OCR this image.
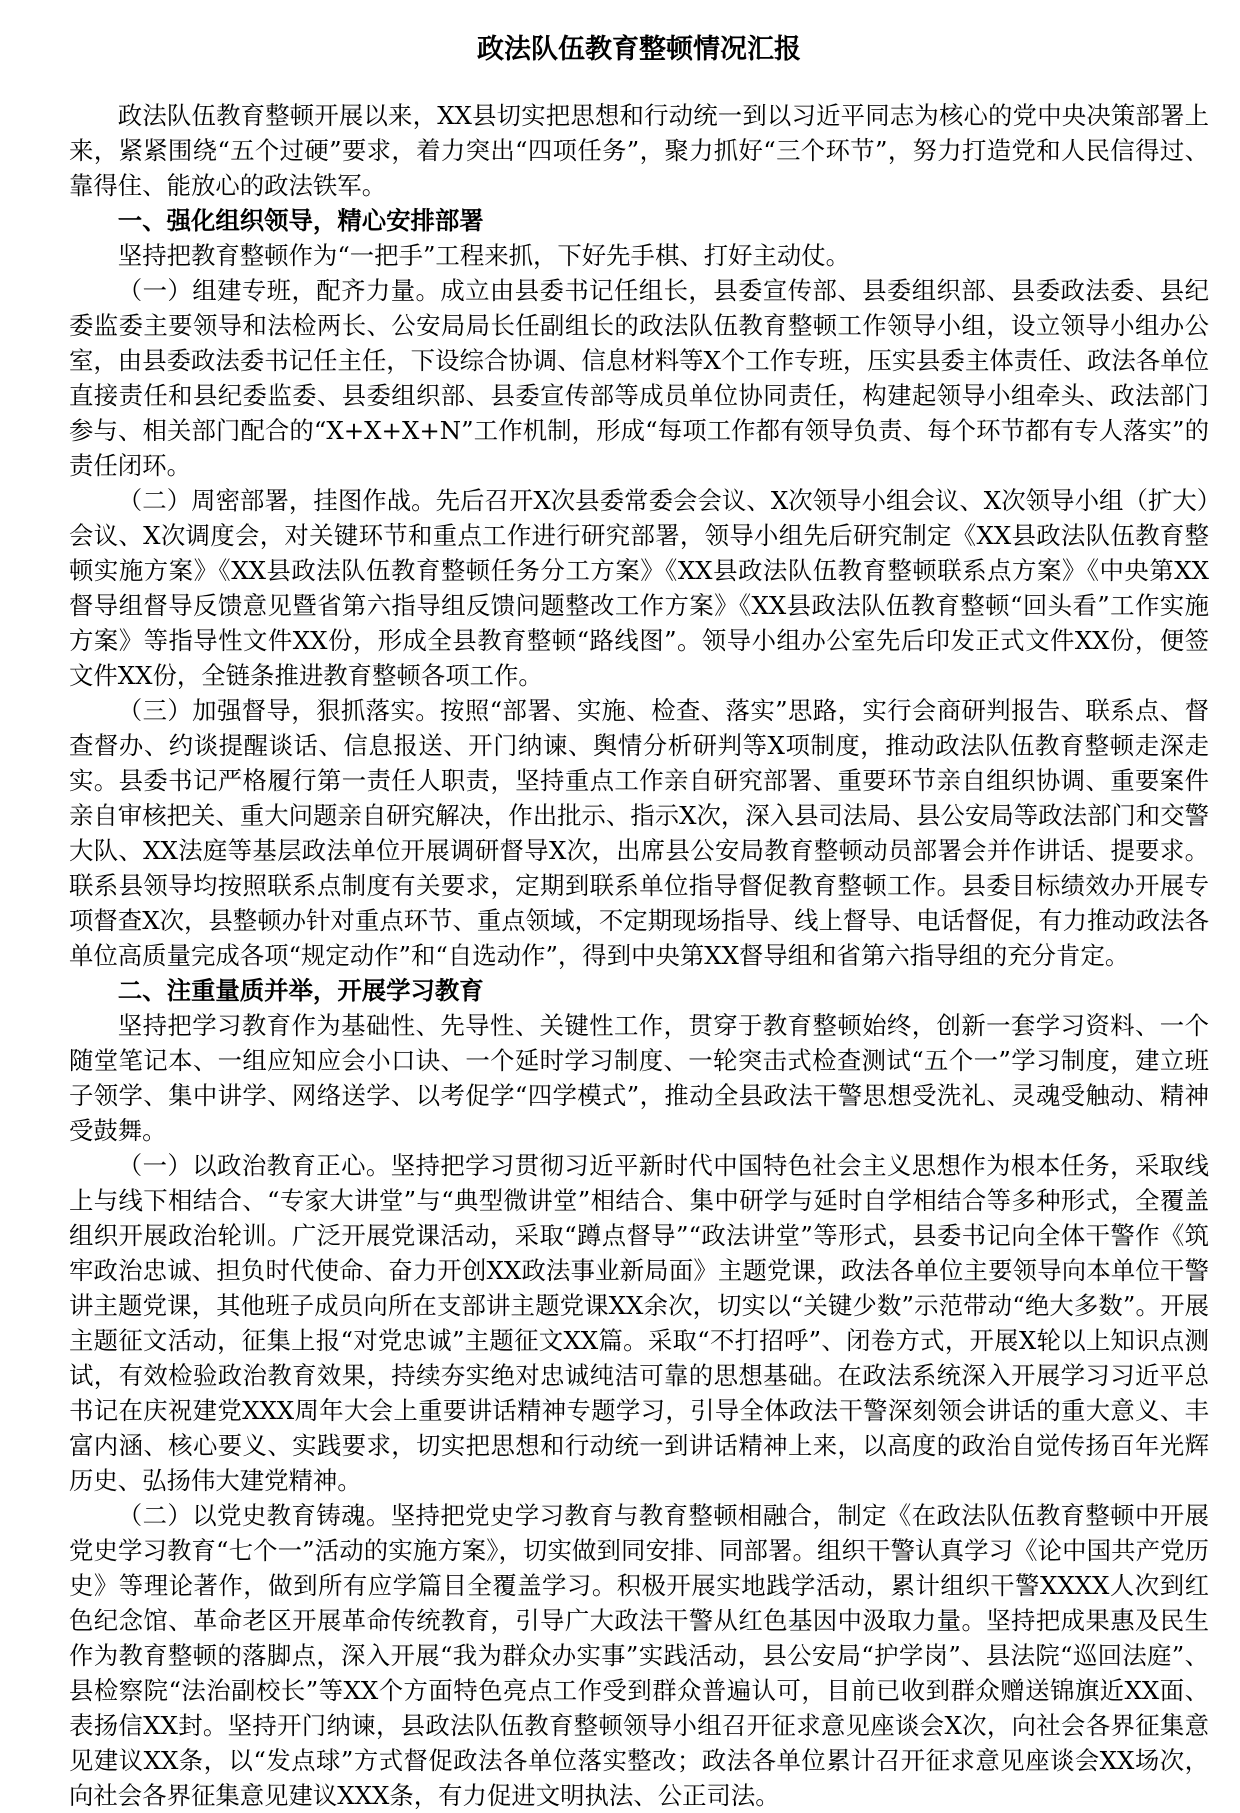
政法队伍教育整顿情况汇报

政法队伍教育整顿开展以来，XX县切实把思想和行动统一到以习近平同志为核心的党中央决策部署上来，紧紧围绕“五个过硬”要求，着力突出“四项任务”，聚力抓好“三个环节”，努力打造党和人民信得过、靠得住、能放心的政法铁军。

一、强化组织领导，精心安排部署

坚持把教育整顿作为“一把手”工程来抓，下好先手棋、打好主动仗。

（一）组建专班，配齐力量。成立由县委书记任组长，县委宣传部、县委组织部、县委政法委、县纪委监委主要领导和法检两长、公安局局长任副组长的政法队伍教育整顿工作领导小组，设立领导小组办公室，由县委政法委书记任主任，下设综合协调、信息材料等X个工作专班，压实县委主体责任、政法各单位直接责任和县纪委监委、县委组织部、县委宣传部等成员单位协同责任，构建起领导小组牵头、政法部门参与、相关部门配合的“X+X+X+N”工作机制，形成“每项工作都有领导负责、每个环节都有专人落实”的责任闭环。

（二）周密部署，挂图作战。先后召开X次县委常委会会议、X次领导小组会议、X次领导小组（扩大）会议、X次调度会，对关键环节和重点工作进行研究部署，领导小组先后研究制定《XX县政法队伍教育整顿实施方案》《XX县政法队伍教育整顿任务分工方案》《XX县政法队伍教育整顿联系点方案》《中央第XX督导组督导反馈意见暨省第六指导组反馈问题整改工作方案》《XX县政法队伍教育整顿“回头看”工作实施方案》等指导性文件XX份，形成全县教育整顿“路线图”。领导小组办公室先后印发正式文件XX份，便签文件XX份，全链条推进教育整顿各项工作。

（三）加强督导，狠抓落实。按照“部署、实施、检查、落实”思路，实行会商研判报告、联系点、督查督办、约谈提醒谈话、信息报送、开门纳谏、舆情分析研判等X项制度，推动政法队伍教育整顿走深走实。县委书记严格履行第一责任人职责，坚持重点工作亲自研究部署、重要环节亲自组织协调、重要案件亲自审核把关、重大问题亲自研究解决，作出批示、指示X次，深入县司法局、县公安局等政法部门和交警大队、XX法庭等基层政法单位开展调研督导X次，出席县公安局教育整顿动员部署会并作讲话、提要求。联系县领导均按照联系点制度有关要求，定期到联系单位指导督促教育整顿工作。县委目标绩效办开展专项督查X次，县整顿办针对重点环节、重点领域，不定期现场指导、线上督导、电话督促，有力推动政法各单位高质量完成各项“规定动作”和“自选动作”，得到中央第XX督导组和省第六指导组的充分肯定。

二、注重量质并举，开展学习教育

坚持把学习教育作为基础性、先导性、关键性工作，贯穿于教育整顿始终，创新一套学习资料、一个随堂笔记本、一组应知应会小口诀、一个延时学习制度、一轮突击式检查测试“五个一”学习制度，建立班子领学、集中讲学、网络送学、以考促学“四学模式”，推动全县政法干警思想受洗礼、灵魂受触动、精神受鼓舞。

（一）以政治教育正心。坚持把学习贯彻习近平新时代中国特色社会主义思想作为根本任务，采取线上与线下相结合、“专家大讲堂”与“典型微讲堂”相结合、集中研学与延时自学相结合等多种形式，全覆盖组织开展政治轮训。广泛开展党课活动，采取“蹲点督导”“政法讲堂”等形式，县委书记向全体干警作《筑牢政治忠诚、担负时代使命、奋力开创XX政法事业新局面》主题党课，政法各单位主要领导向本单位干警讲主题党课，其他班子成员向所在支部讲主题党课XX余次，切实以“关键少数”示范带动“绝大多数”。开展主题征文活动，征集上报“对党忠诚”主题征文XX篇。采取“不打招呼”、闭卷方式，开展X轮以上知识点测试，有效检验政治教育效果，持续夯实绝对忠诚纯洁可靠的思想基础。在政法系统深入开展学习习近平总书记在庆祝建党XXX周年大会上重要讲话精神专题学习，引导全体政法干警深刻领会讲话的重大意义、丰富内涵、核心要义、实践要求，切实把思想和行动统一到讲话精神上来，以高度的政治自觉传扬百年光辉历史、弘扬伟大建党精神。

（二）以党史教育铸魂。坚持把党史学习教育与教育整顿相融合，制定《在政法队伍教育整顿中开展党史学习教育“七个一”活动的实施方案》，切实做到同安排、同部署。组织干警认真学习《论中国共产党历史》等理论著作，做到所有应学篇目全覆盖学习。积极开展实地践学活动，累计组织干警XXXX人次到红色纪念馆、革命老区开展革命传统教育，引导广大政法干警从红色基因中汲取力量。坚持把成果惠及民生作为教育整顿的落脚点，深入开展“我为群众办实事”实践活动，县公安局“护学岗”、县法院“巡回法庭”、县检察院“法治副校长”等XX个方面特色亮点工作受到群众普遍认可，目前已收到群众赠送锦旗近XX面、表扬信XX封。坚持开门纳谏，县政法队伍教育整顿领导小组召开征求意见座谈会X次，向社会各界征集意见建议XX条，以“发点球”方式督促政法各单位落实整改；政法各单位累计召开征求意见座谈会XX场次，向社会各界征集意见建议XXX条，有力促进文明执法、公正司法。
